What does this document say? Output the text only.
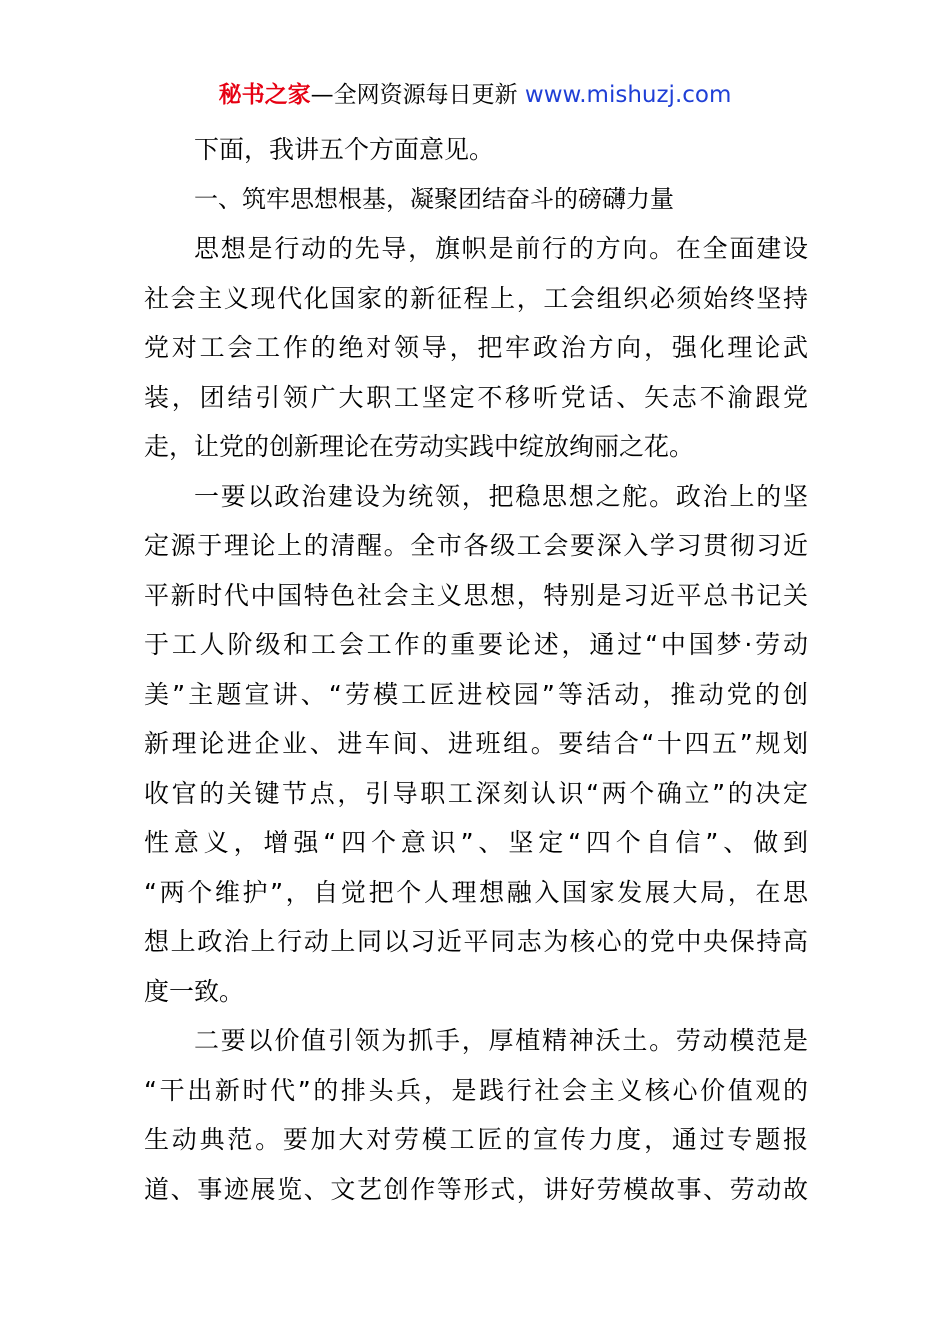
秘书之家—全网资源每日更新 www.mishuzj.com
下面，我讲五个方面意见。
一、筑牢思想根基，凝聚团结奋斗的磅礴力量
思想是行动的先导，旗帜是前行的方向。在全面建设
社会主义现代化国家的新征程上，工会组织必须始终坚持
党对工会工作的绝对领导，把牢政治方向，强化理论武
装，团结引领广大职工坚定不移听党话、矢志不渝跟党
走，让党的创新理论在劳动实践中绽放绚丽之花。
一要以政治建设为统领，把稳思想之舵。政治上的坚
定源于理论上的清醒。全市各级工会要深入学习贯彻习近
平新时代中国特色社会主义思想，特别是习近平总书记关
于工人阶级和工会工作的重要论述，通过“中国梦·劳动
美”主题宣讲、“劳模工匠进校园”等活动，推动党的创
新理论进企业、进车间、进班组。要结合“十四五”规划
收官的关键节点，引导职工深刻认识“两个确立”的决定
性意义，增强“四个意识”、坚定“四个自信”、做到
“两个维护”，自觉把个人理想融入国家发展大局，在思
想上政治上行动上同以习近平同志为核心的党中央保持高
度一致。
二要以价值引领为抓手，厚植精神沃土。劳动模范是
“干出新时代”的排头兵，是践行社会主义核心价值观的
生动典范。要加大对劳模工匠的宣传力度，通过专题报
道、事迹展览、文艺创作等形式，讲好劳模故事、劳动故
